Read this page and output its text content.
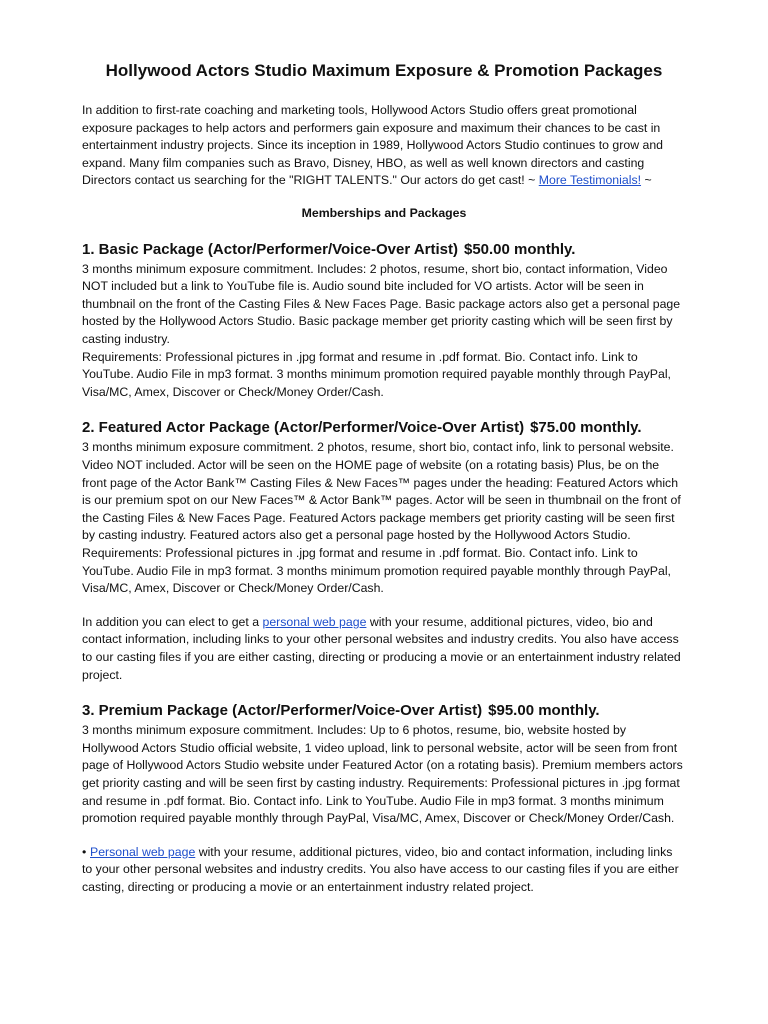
Hollywood Actors Studio Maximum Exposure & Promotion Packages

In addition to first-rate coaching and marketing tools, Hollywood Actors Studio offers great promotional exposure packages to help actors and performers gain exposure and maximum their chances to be cast in entertainment industry projects. Since its inception in 1989, Hollywood Actors Studio continues to grow and expand. Many film companies such as Bravo, Disney, HBO, as well as well known directors and casting Directors contact us searching for the "RIGHT TALENTS." Our actors do get cast! ~ More Testimonials! ~

Memberships and Packages

1. Basic Package (Actor/Performer/Voice-Over Artist) $50.00 monthly.

3 months minimum exposure commitment. Includes: 2 photos, resume, short bio, contact information, Video NOT included but a link to YouTube file is. Audio sound bite included for VO artists. Actor will be seen in thumbnail on the front of the Casting Files & New Faces Page. Basic package actors also get a personal page hosted by the Hollywood Actors Studio. Basic package member get priority casting which will be seen first by casting industry.

Requirements: Professional pictures in .jpg format and resume in .pdf format. Bio. Contact info. Link to YouTube. Audio File in mp3 format. 3 months minimum promotion required payable monthly through PayPal, Visa/MC, Amex, Discover or Check/Money Order/Cash.

2. Featured Actor Package (Actor/Performer/Voice-Over Artist) $75.00 monthly.

3 months minimum exposure commitment. 2 photos, resume, short bio, contact info, link to personal website. Video NOT included. Actor will be seen on the HOME page of website (on a rotating basis) Plus, be on the front page of the Actor Bank™ Casting Files & New Faces™ pages under the heading: Featured Actors which is our premium spot on our New Faces™ & Actor Bank™ pages. Actor will be seen in thumbnail on the front of the Casting Files & New Faces Page. Featured Actors package members get priority casting will be seen first by casting industry. Featured actors also get a personal page hosted by the Hollywood Actors Studio.

Requirements: Professional pictures in .jpg format and resume in .pdf format. Bio. Contact info. Link to YouTube. Audio File in mp3 format. 3 months minimum promotion required payable monthly through PayPal, Visa/MC, Amex, Discover or Check/Money Order/Cash.

In addition you can elect to get a personal web page with your resume, additional pictures, video, bio and contact information, including links to your other personal websites and industry credits. You also have access to our casting files if you are either casting, directing or producing a movie or an entertainment industry related project.

3. Premium Package (Actor/Performer/Voice-Over Artist) $95.00 monthly.

3 months minimum exposure commitment. Includes: Up to 6 photos, resume, bio, website hosted by Hollywood Actors Studio official website, 1 video upload, link to personal website, actor will be seen from front page of Hollywood Actors Studio website under Featured Actor (on a rotating basis). Premium members actors get priority casting and will be seen first by casting industry. Requirements: Professional pictures in .jpg format and resume in .pdf format. Bio. Contact info. Link to YouTube. Audio File in mp3 format. 3 months minimum promotion required payable monthly through PayPal, Visa/MC, Amex, Discover or Check/Money Order/Cash.

• Personal web page with your resume, additional pictures, video, bio and contact information, including links to your other personal websites and industry credits. You also have access to our casting files if you are either casting, directing or producing a movie or an entertainment industry related project.
